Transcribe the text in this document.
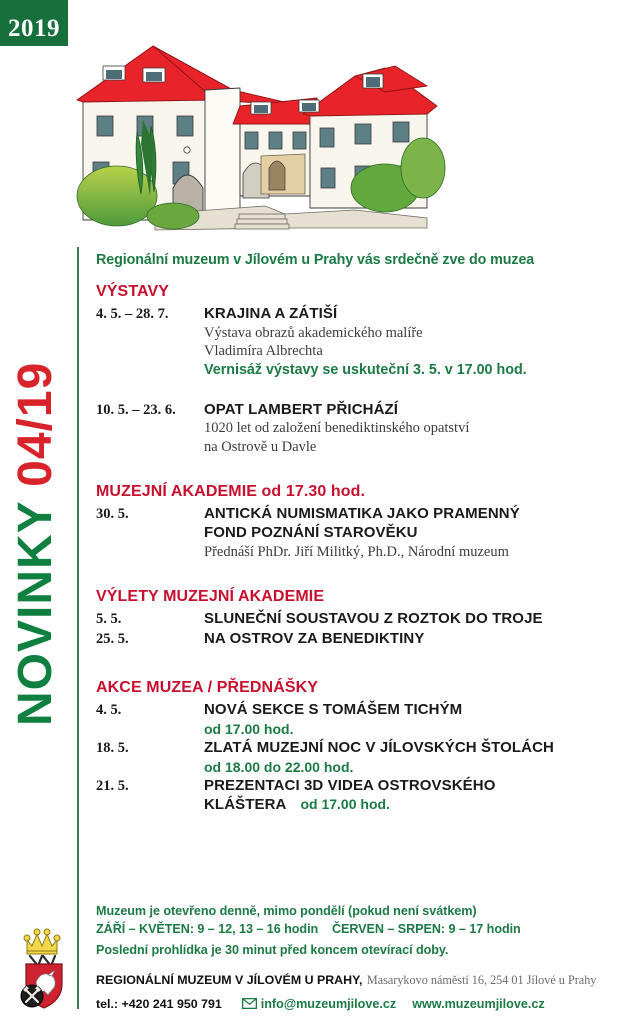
2019
NOVINKY 04/19
Regionální muzeum v Jílovém u Prahy vás srdečně zve do muzea
VÝSTAVY
4. 5. – 28. 7.	KRAJINA A ZÁTIŠÍ
Výstava obrazů akademického malíře
Vladimíra Albrechta
Vernisáž výstavy se uskuteční 3. 5. v 17.00 hod.
10. 5. – 23. 6.	OPAT LAMBERT PŘICHÁZÍ
1020 let od založení benediktinského opatství
na Ostrově u Davle
MUZEJNÍ AKADEMIE od 17.30 hod.
30. 5.	ANTICKÁ NUMISMATIKA JAKO PRAMENNÝ
FOND POZNÁNÍ STAROVĚKU
Přednáší PhDr. Jiří Militký, Ph.D., Národní muzeum
VÝLETY MUZEJNÍ AKADEMIE
5. 5.	SLUNEČNÍ SOUSTAVOU Z ROZTOK DO TROJE
25. 5.	NA OSTROV ZA BENEDIKTINY
AKCE MUZEA / PŘEDNÁŠKY
4. 5.	NOVÁ SEKCE S TOMÁŠEM TICHÝM
od 17.00 hod.
18. 5.	ZLATÁ MUZEJNÍ NOC V JÍLOVSKÝCH ŠTOLÁCH
od 18.00 do 22.00 hod.
21. 5.	PREZENTACI 3D VIDEA OSTROVSKÉHO
KLÁŠTERA od 17.00 hod.
Muzeum je otevřeno denně, mimo pondělí (pokud není svátkem)
ZÁŘÍ – KVĚTEN: 9 – 12, 13 – 16 hodin ČERVEN – SRPEN: 9 – 17 hodin
Poslední prohlídka je 30 minut před koncem otevírací doby.
REGIONÁLNÍ MUZEUM V JÍLOVÉM U PRAHY, Masarykovo náměstí 16, 254 01 Jílové u Prahy
tel.: +420 241 950 791	info@muzeumjilove.cz www.muzeumjilove.cz
